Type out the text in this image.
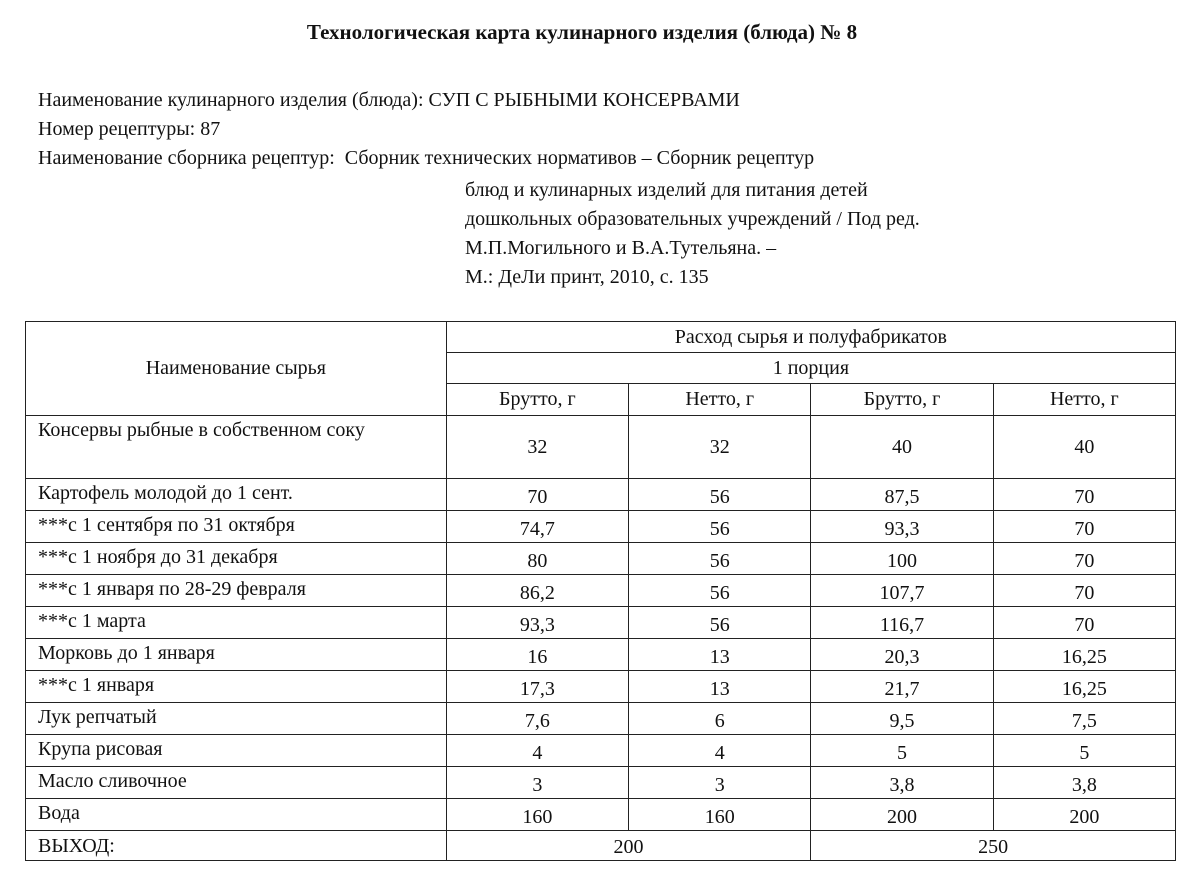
Технологическая карта кулинарного изделия (блюда) № 8
Наименование кулинарного изделия (блюда): СУП С РЫБНЫМИ КОНСЕРВАМИ
Номер рецептуры: 87
Наименование сборника рецептур: Сборник технических нормативов – Сборник рецептур
блюд и кулинарных изделий для питания детей
дошкольных образовательных учреждений / Под ред.
М.П.Могильного и В.А.Тутельяна. –
М.: ДеЛи принт, 2010, с. 135
Наименование сырья	Расход сырья и полуфабрикатов			
	1 порция			
	Брутто, г	Нетто, г	Брутто, г	Нетто, г
Консервы рыбные в собственном соку	32	32	40	40
Картофель молодой до 1 сент.	70	56	87,5	70
***с 1 сентября по 31 октября	74,7	56	93,3	70
***с 1 ноября до 31 декабря	80	56	100	70
***с 1 января по 28-29 февраля	86,2	56	107,7	70
***с 1 марта	93,3	56	116,7	70
Морковь до 1 января	16	13	20,3	16,25
***с 1 января	17,3	13	21,7	16,25
Лук репчатый	7,6	6	9,5	7,5
Крупа рисовая	4	4	5	5
Масло сливочное	3	3	3,8	3,8
Вода	160	160	200	200
ВЫХОД:	200		250	
